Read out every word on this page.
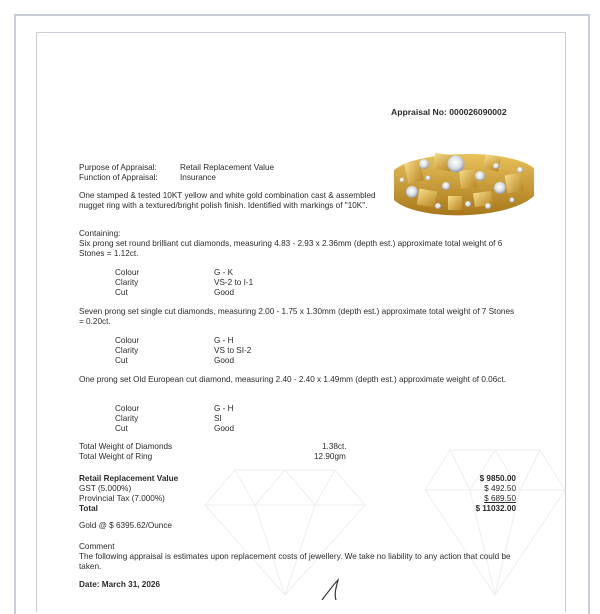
Appraisal No: 000026090002
Purpose of Appraisal:	Retail Replacement Value
Function of Appraisal:	Insurance
One stamped & tested 10KT yellow and white gold combination cast & assembled nugget ring with a textured/bright polish finish. Identified with markings of "10K".
Containing:
Six prong set round brilliant cut diamonds, measuring 4.83 - 2.93 x 2.36mm (depth est.) approximate total weight of 6 Stones = 1.12ct.
Colour	G - K
Clarity	VS-2 to I-1
Cut	Good
Seven prong set single cut diamonds, measuring 2.00 - 1.75 x 1.30mm (depth est.) approximate total weight of 7 Stones = 0.20ct.
Colour	G - H
Clarity	VS to SI-2
Cut	Good
One prong set Old European cut diamond, measuring 2.40 - 2.40 x 1.49mm (depth est.) approximate weight of 0.06ct.
Colour	G - H
Clarity	SI
Cut	Good
Total Weight of Diamonds	1.38ct.
Total Weight of Ring	12.90gm
Retail Replacement Value	$ 9850.00
GST (5.000%)	$ 492.50
Provincial Tax (7.000%)	$ 689.50
Total	$ 11032.00
Gold @ $ 6395.62/Ounce
Comment
The following appraisal is estimates upon replacement costs of jewellery. We take no liability to any action that could be taken.
Date: March 31, 2026
